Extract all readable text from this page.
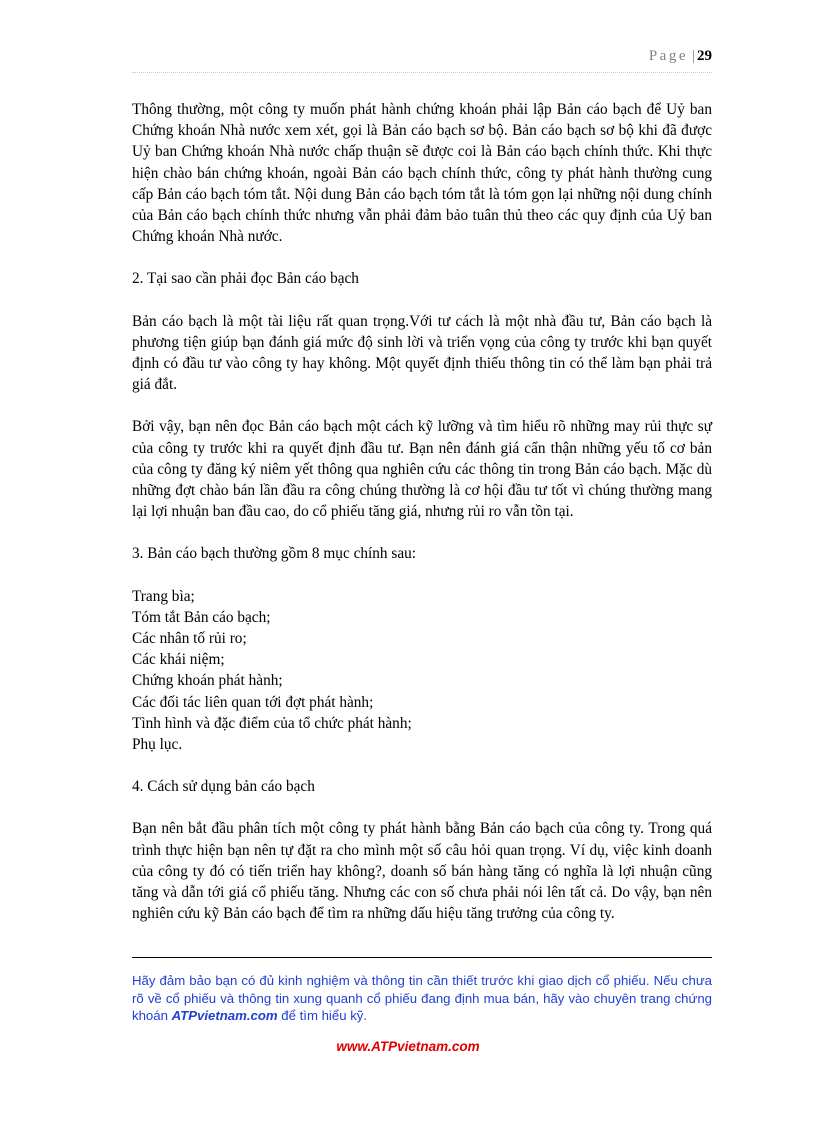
Page | 29

Thông thường, một công ty muốn phát hành chứng khoán phải lập Bản cáo bạch để Uỷ ban Chứng khoán Nhà nước xem xét, gọi là Bản cáo bạch sơ bộ. Bản cáo bạch sơ bộ khi đã được Uỷ ban Chứng khoán Nhà nước chấp thuận sẽ được coi là Bản cáo bạch chính thức. Khi thực hiện chào bán chứng khoán, ngoài Bản cáo bạch chính thức, công ty phát hành thường cung cấp Bản cáo bạch tóm tắt. Nội dung Bản cáo bạch tóm tắt là tóm gọn lại những nội dung chính của Bản cáo bạch chính thức nhưng vẫn phải đảm bảo tuân thủ theo các quy định của Uỷ ban Chứng khoán Nhà nước.

2. Tại sao cần phải đọc Bản cáo bạch

Bản cáo bạch là một tài liệu rất quan trọng.Với tư cách là một nhà đầu tư, Bản cáo bạch là phương tiện giúp bạn đánh giá mức độ sinh lời và triển vọng của công ty trước khi bạn quyết định có đầu tư vào công ty hay không. Một quyết định thiếu thông tin có thể làm bạn phải trả giá đắt.

Bởi vậy, bạn nên đọc Bản cáo bạch một cách kỹ lưỡng và tìm hiểu rõ những may rủi thực sự của công ty trước khi ra quyết định đầu tư. Bạn nên đánh giá cẩn thận những yếu tố cơ bản của công ty đăng ký niêm yết thông qua nghiên cứu các thông tin trong Bản cáo bạch. Mặc dù những đợt chào bán lần đầu ra công chúng thường là cơ hội đầu tư tốt vì chúng thường mang lại lợi nhuận ban đầu cao, do cổ phiếu tăng giá, nhưng rủi ro vẫn tồn tại.

3. Bản cáo bạch thường gồm 8 mục chính sau:

Trang bìa;
Tóm tắt Bản cáo bạch;
Các nhân tố rủi ro;
Các khái niệm;
Chứng khoán phát hành;
Các đối tác liên quan tới đợt phát hành;
Tình hình và đặc điểm của tổ chức phát hành;
Phụ lục.

4. Cách sử dụng bản cáo bạch

Bạn nên bắt đầu phân tích một công ty phát hành bằng Bản cáo bạch của công ty. Trong quá trình thực hiện bạn nên tự đặt ra cho mình một số câu hỏi quan trọng. Ví dụ, việc kinh doanh của công ty đó có tiến triển hay không?, doanh số bán hàng tăng có nghĩa là lợi nhuận cũng tăng và dẫn tới giá cổ phiếu tăng. Nhưng các con số chưa phải nói lên tất cả. Do vậy, bạn nên nghiên cứu kỹ Bản cáo bạch để tìm ra những dấu hiệu tăng trưởng của công ty.

Hãy đảm bảo bạn có đủ kinh nghiệm và thông tin cần thiết trước khi giao dịch cổ phiếu. Nếu chưa rõ về cổ phiếu và thông tin xung quanh cổ phiếu đang định mua bán, hãy vào chuyên trang chứng khoán ATPvietnam.com để tìm hiểu kỹ.
www.ATPvietnam.com
